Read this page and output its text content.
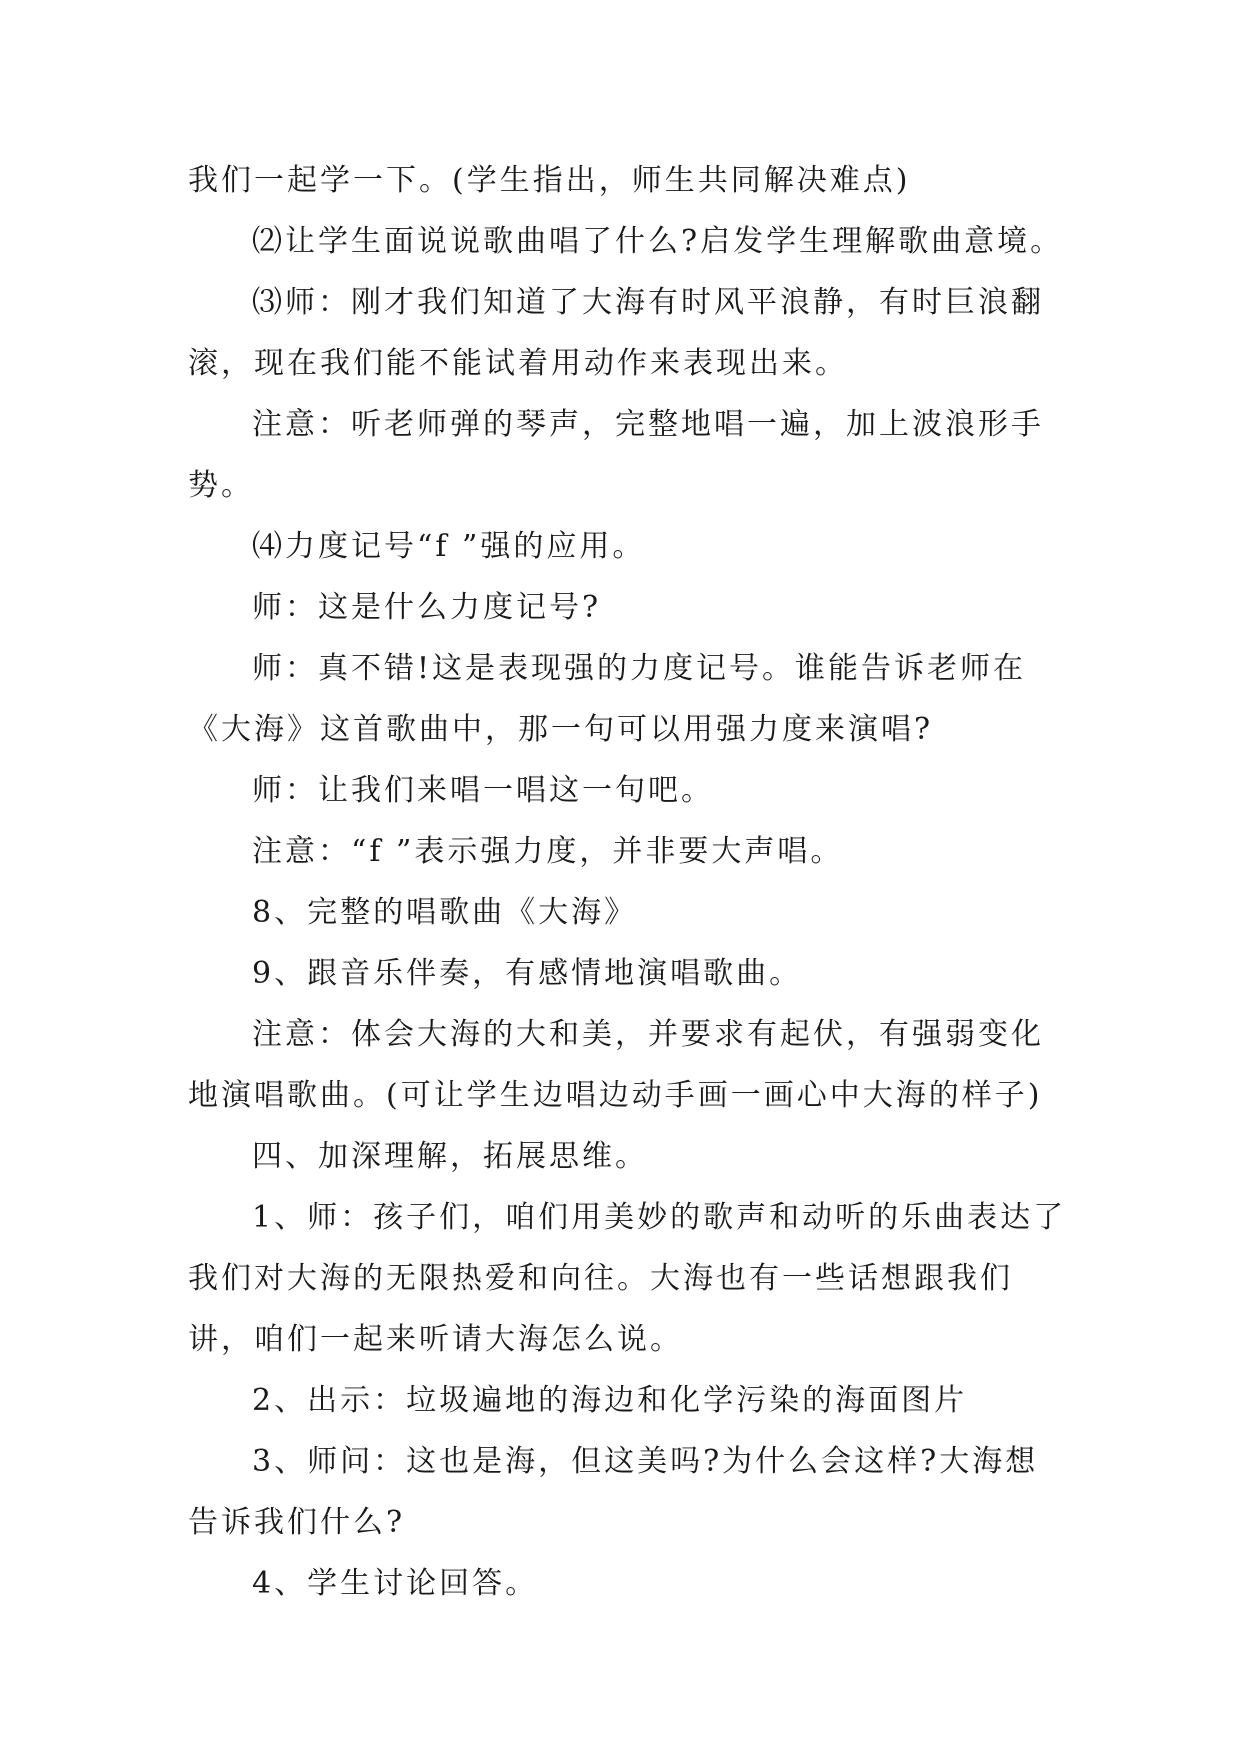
我们一起学一下。(学生指出，师生共同解决难点)

⑵让学生面说说歌曲唱了什么?启发学生理解歌曲意境。

⑶师：刚才我们知道了大海有时风平浪静，有时巨浪翻滚，现在我们能不能试着用动作来表现出来。

注意：听老师弹的琴声，完整地唱一遍，加上波浪形手势。

⑷力度记号“f ”强的应用。

师：这是什么力度记号?

师：真不错!这是表现强的力度记号。谁能告诉老师在《大海》这首歌曲中，那一句可以用强力度来演唱?

师：让我们来唱一唱这一句吧。

注意：“f ”表示强力度，并非要大声唱。

8、完整的唱歌曲《大海》

9、跟音乐伴奏，有感情地演唱歌曲。

注意：体会大海的大和美，并要求有起伏，有强弱变化地演唱歌曲。(可让学生边唱边动手画一画心中大海的样子)

四、加深理解，拓展思维。

1、师：孩子们，咱们用美妙的歌声和动听的乐曲表达了我们对大海的无限热爱和向往。大海也有一些话想跟我们讲，咱们一起来听请大海怎么说。

2、出示：垃圾遍地的海边和化学污染的海面图片

3、师问：这也是海，但这美吗?为什么会这样?大海想告诉我们什么?

4、学生讨论回答。
